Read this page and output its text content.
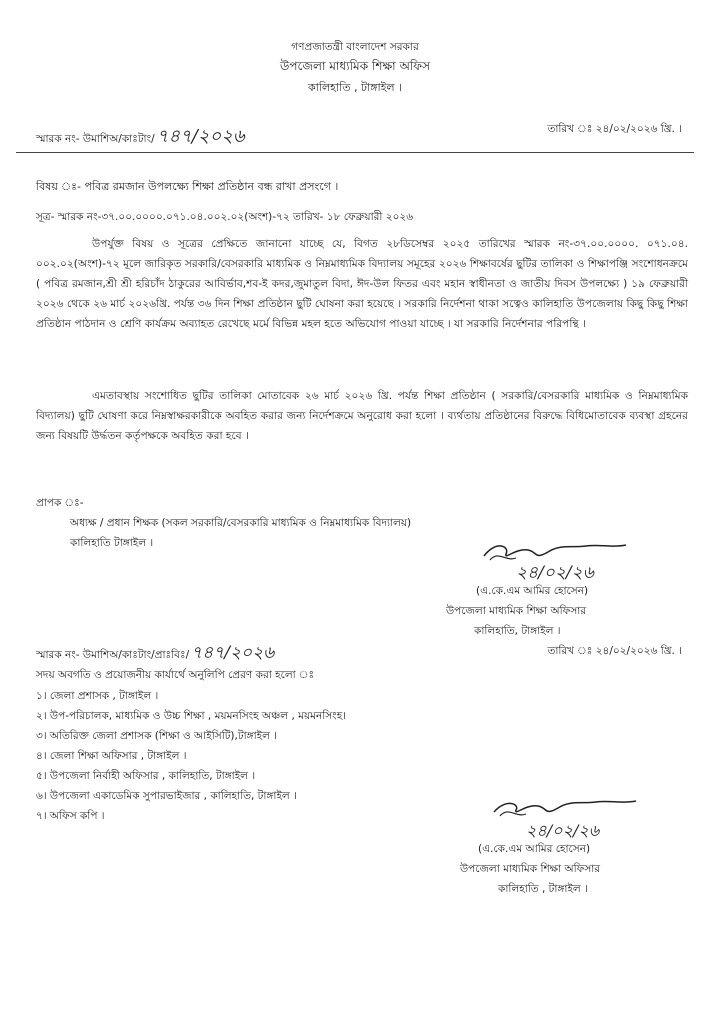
গণপ্রজাতন্ত্রী বাংলাদেশ সরকার
উপজেলা মাধ্যমিক শিক্ষা অফিস
কালিহাতি , টাঙ্গাইল ।
স্মারক নং- উমাশিঅ/কাঃটাং/ ৭৪৭/২০২৬	তারিখ ঃ ২৪/০২/২০২৬ খ্রি. ।
বিষয় ঃ- পবিত্র রমজান উপলক্ষ্যে শিক্ষা প্রতিষ্ঠান বন্ধ রাখা প্রসংগে ।
সূত্র- স্মারক নং-৩৭.০০.০০০০.০৭১.০৪.০০২.০২(অংশ)-৭২ তারিখ- ১৮ ফেব্রুয়ারী ২০২৬
উপর্যুক্ত বিষয় ও সূত্রের প্রেক্ষিতে জানানো যাচ্ছে যে, বিগত ২৮ডিসেম্বর ২০২৫ তারিখের স্মারক নং-৩৭.০০.০০০০. ০৭১.০৪. ০০২.০২(অংশ)-৭২ মূলে জারিকৃত সরকারি/বেসরকারি মাধ্যমিক ও নিম্নমাধ্যমিক বিদ্যালয় সমূহের ২০২৬ শিক্ষাবর্ষের ছুটির তালিকা ও শিক্ষাপঞ্জি সংশোধনক্রমে ( পবিত্র রমজান,শ্রী শ্রী হরিচাঁদ ঠাকুরের আবির্ভাব,শব-ই কদর,জুমাতুল বিদা, ঈদ-উল ফিতর এবং মহান স্বাধীনতা ও জাতীয় দিবস উপলক্ষ্যে ) ১৯ ফেব্রুয়ারী ২০২৬ থেকে ২৬ মার্চ ২০২৬খ্রি. পর্যন্ত ৩৬ দিন শিক্ষা প্রতিষ্ঠান ছুটি ঘোষনা করা হয়েছে । সরকারি নির্দেশনা থাকা সত্বেও কালিহাতি উপজেলায় কিছু কিছু শিক্ষা প্রতিষ্ঠান পাঠদান ও শ্রেণি কার্যক্রম অব্যাহত রেখেছে মর্মে বিভিন্ন মহল হতে অভিযোগ পাওয়া যাচ্ছে । যা সরকারি নির্দেশনার পরিপন্থি ।
এমতাবস্থায় সংশোধিত ছুটির তালিকা মোতাবেক ২৬ মার্চ ২০২৬ খ্রি. পর্যন্ত শিক্ষা প্রতিষ্ঠান ( সরকারি/বেসরকারি মাধ্যমিক ও নিম্নমাধ্যমিক বিদ্যালয়) ছুটি ঘোষণা করে নিম্নস্বাক্ষরকারীকে অবহিত করার জন্য নির্দেশক্রমে অনুরোধ করা হলো । ব্যর্থতায় প্রতিষ্ঠানের বিরুদ্ধে বিধিমোতাবেক ব্যবস্থা গ্রহনের জন্য বিষয়টি উর্দ্ধতন কর্তৃপক্ষকে অবহিত করা হবে ।
প্রাপক ঃ-
অধ্যক্ষ / প্রধান শিক্ষক (সকল সরকারি/বেসরকারি মাধ্যমিক ও নিম্নমাধ্যমিক বিদ্যালয়)
কালিহাতি টাঙ্গাইল ।
২৪/০২/২৬
(এ.কে.এম আমির হোসেন)
উপজেলা মাধ্যমিক শিক্ষা অফিসার
কালিহাতি, টাঙ্গাইল ।
স্মারক নং- উমাশিঅ/কাঃটাং/প্রাঃবিঃ/ ৭৪৭/২০২৬	তারিখ ঃ ২৪/০২/২০২৬ খ্রি. ।
সদয় অবগতি ও প্রয়োজনীয় কার্যার্থে অনুলিপি প্রেরণ করা হলো ঃ
১। জেলা প্রশাসক , টাঙ্গাইল ।
২। উপ-পরিচালক, মাধ্যমিক ও উচ্চ শিক্ষা , ময়মনসিংহ অঞ্চল , ময়মনসিংহ।
৩। অতিরিক্ত জেলা প্রশাসক (শিক্ষা ও আইসিটি),টাঙ্গাইল ।
৪। জেলা শিক্ষা অফিসার , টাঙ্গাইল ।
৫। উপজেলা নির্বাহী অফিসার , কালিহাতি, টাঙ্গাইল ।
৬। উপজেলা একাডেমিক সুপারভাইজার , কালিহাতি, টাঙ্গাইল ।
৭। অফিস কপি ।
২৪/০২/২৬
(এ.কে.এম আমির হোসেন)
উপজেলা মাধ্যমিক শিক্ষা অফিসার
কালিহাতি , টাঙ্গাইল ।
